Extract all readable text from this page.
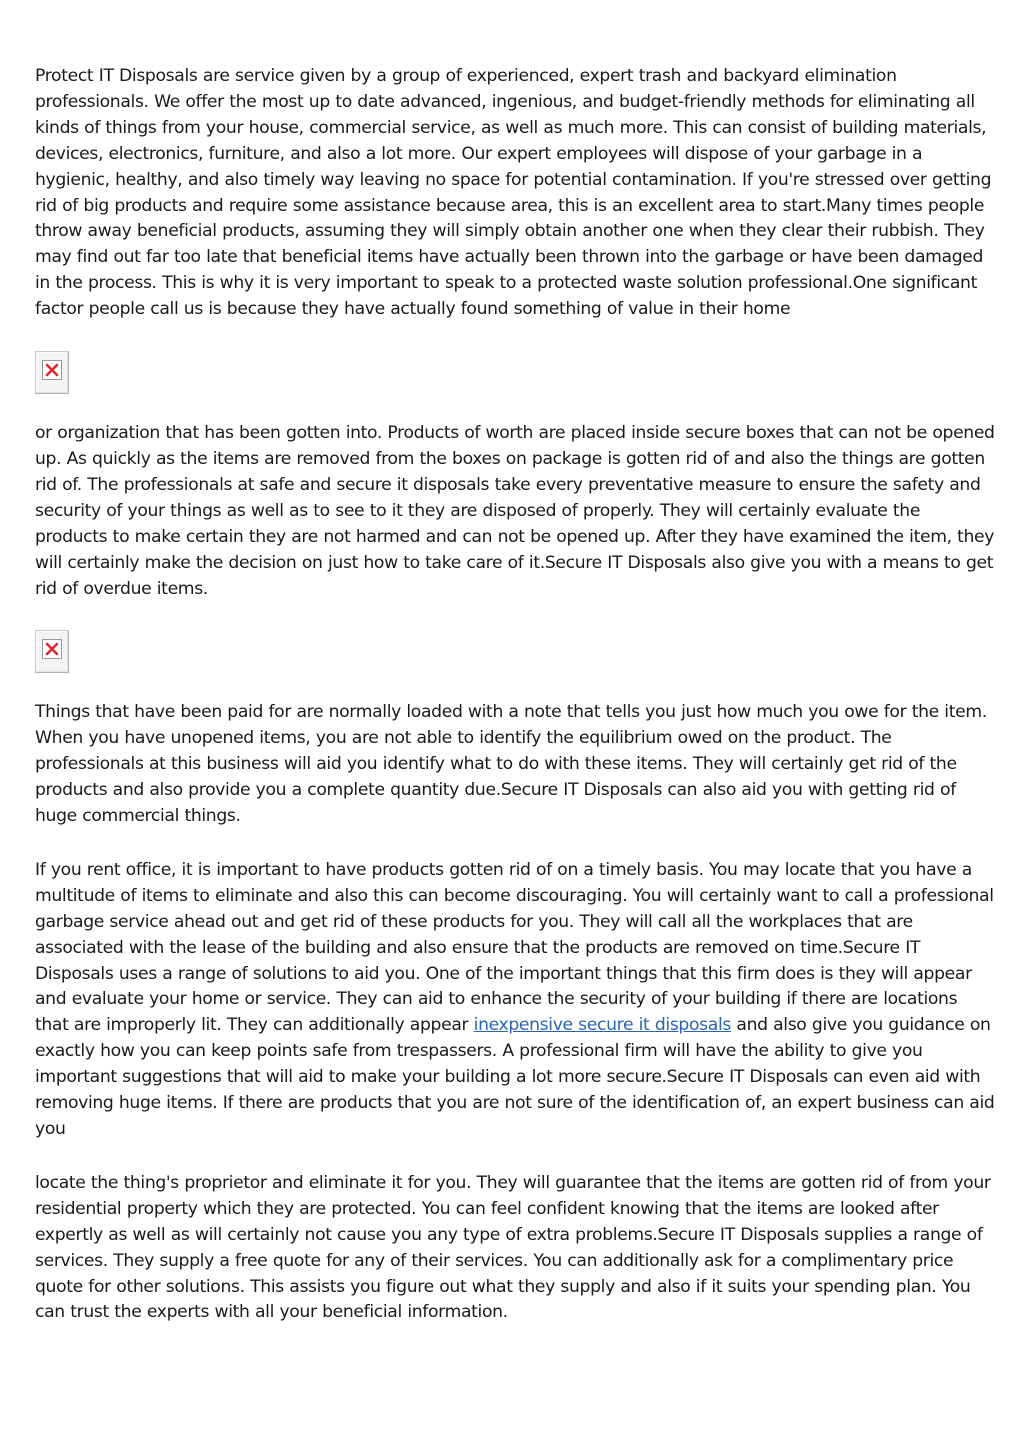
Protect IT Disposals are service given by a group of experienced, expert trash and backyard elimination professionals. We offer the most up to date advanced, ingenious, and budget-friendly methods for eliminating all kinds of things from your house, commercial service, as well as much more. This can consist of building materials, devices, electronics, furniture, and also a lot more. Our expert employees will dispose of your garbage in a hygienic, healthy, and also timely way leaving no space for potential contamination. If you're stressed over getting rid of big products and require some assistance because area, this is an excellent area to start.Many times people throw away beneficial products, assuming they will simply obtain another one when they clear their rubbish. They may find out far too late that beneficial items have actually been thrown into the garbage or have been damaged in the process. This is why it is very important to speak to a protected waste solution professional.One significant factor people call us is because they have actually found something of value in their home

or organization that has been gotten into. Products of worth are placed inside secure boxes that can not be opened up. As quickly as the items are removed from the boxes on package is gotten rid of and also the things are gotten rid of. The professionals at safe and secure it disposals take every preventative measure to ensure the safety and security of your things as well as to see to it they are disposed of properly. They will certainly evaluate the products to make certain they are not harmed and can not be opened up. After they have examined the item, they will certainly make the decision on just how to take care of it.Secure IT Disposals also give you with a means to get rid of overdue items.

Things that have been paid for are normally loaded with a note that tells you just how much you owe for the item. When you have unopened items, you are not able to identify the equilibrium owed on the product. The professionals at this business will aid you identify what to do with these items. They will certainly get rid of the products and also provide you a complete quantity due.Secure IT Disposals can also aid you with getting rid of huge commercial things.

If you rent office, it is important to have products gotten rid of on a timely basis. You may locate that you have a multitude of items to eliminate and also this can become discouraging. You will certainly want to call a professional garbage service ahead out and get rid of these products for you. They will call all the workplaces that are associated with the lease of the building and also ensure that the products are removed on time.Secure IT Disposals uses a range of solutions to aid you. One of the important things that this firm does is they will appear and evaluate your home or service. They can aid to enhance the security of your building if there are locations that are improperly lit. They can additionally appear inexpensive secure it disposals and also give you guidance on exactly how you can keep points safe from trespassers. A professional firm will have the ability to give you important suggestions that will aid to make your building a lot more secure.Secure IT Disposals can even aid with removing huge items. If there are products that you are not sure of the identification of, an expert business can aid you

locate the thing's proprietor and eliminate it for you. They will guarantee that the items are gotten rid of from your residential property which they are protected. You can feel confident knowing that the items are looked after expertly as well as will certainly not cause you any type of extra problems.Secure IT Disposals supplies a range of services. They supply a free quote for any of their services. You can additionally ask for a complimentary price quote for other solutions. This assists you figure out what they supply and also if it suits your spending plan. You can trust the experts with all your beneficial information.
